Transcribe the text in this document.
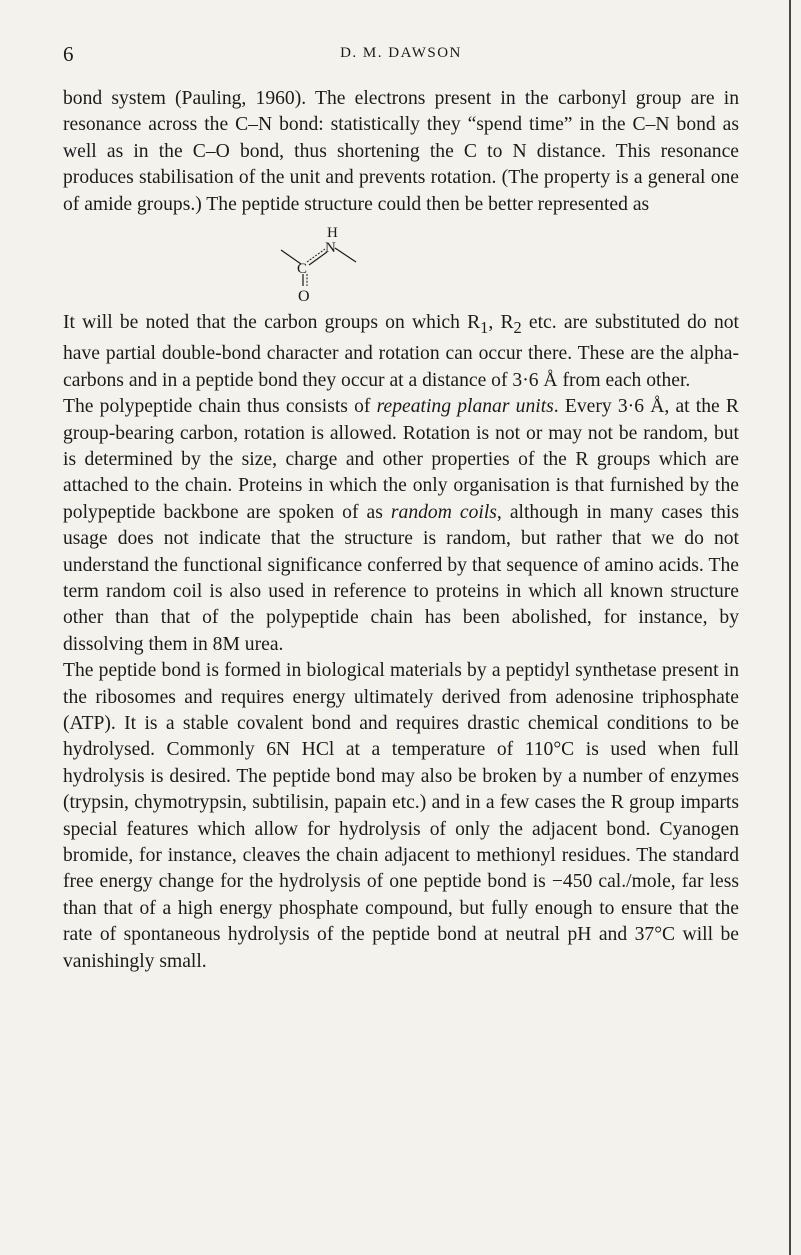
6	D. M. DAWSON

bond system (Pauling, 1960). The electrons present in the carbonyl group are in resonance across the C–N bond: statistically they “spend time” in the C–N bond as well as in the C–O bond, thus shortening the C to N distance. This resonance produces stabilisation of the unit and prevents rotation. (The property is a general one of amide groups.) The peptide structure could then be better represented as

H
N
C
O

It will be noted that the carbon groups on which $R_1$, $R_2$ etc. are substituted do not have partial double-bond character and rotation can occur there. These are the alpha-carbons and in a peptide bond they occur at a distance of 3·6 Å from each other.

The polypeptide chain thus consists of repeating planar units. Every 3·6 Å, at the R group-bearing carbon, rotation is allowed. Rotation is not or may not be random, but is determined by the size, charge and other properties of the R groups which are attached to the chain. Proteins in which the only organisation is that furnished by the polypeptide backbone are spoken of as random coils, although in many cases this usage does not indicate that the structure is random, but rather that we do not understand the functional significance conferred by that sequence of amino acids. The term random coil is also used in reference to proteins in which all known structure other than that of the polypeptide chain has been abolished, for instance, by dissolving them in 8M urea.

The peptide bond is formed in biological materials by a peptidyl synthetase present in the ribosomes and requires energy ultimately derived from adenosine triphosphate (ATP). It is a stable covalent bond and requires drastic chemical conditions to be hydrolysed. Commonly 6N HCl at a temperature of 110°C is used when full hydrolysis is desired. The peptide bond may also be broken by a number of enzymes (trypsin, chymotrypsin, subtilisin, papain etc.) and in a few cases the R group imparts special features which allow for hydrolysis of only the adjacent bond. Cyanogen bromide, for instance, cleaves the chain adjacent to methionyl residues. The standard free energy change for the hydrolysis of one peptide bond is −450 cal./mole, far less than that of a high energy phosphate compound, but fully enough to ensure that the rate of spontaneous hydrolysis of the peptide bond at neutral pH and 37°C will be vanishingly small.
